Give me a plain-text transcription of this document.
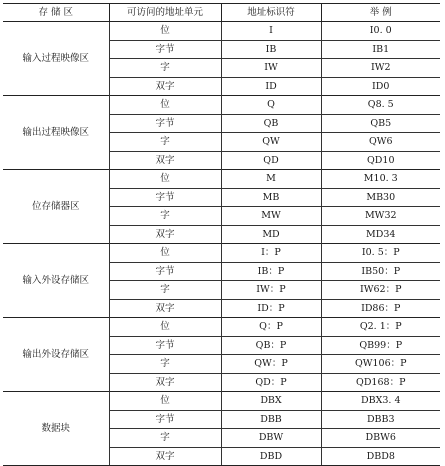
存 储 区	可访问的地址单元	地址标识符	举 例
输入过程映像区	位	I	I0. 0
	字节	IB	IB1
	字	IW	IW2
	双字	ID	ID0
输出过程映像区	位	Q	Q8. 5
	字节	QB	QB5
	字	QW	QW6
	双字	QD	QD10
位存储器区	位	M	M10. 3
	字节	MB	MB30
	字	MW	MW32
	双字	MD	MD34
输入外设存储区	位	I：P	I0. 5：P
	字节	IB：P	IB50：P
	字	IW：P	IW62：P
	双字	ID：P	ID86：P
输出外设存储区	位	Q：P	Q2. 1：P
	字节	QB：P	QB99：P
	字	QW：P	QW106：P
	双字	QD：P	QD168：P
数据块	位	DBX	DBX3. 4
	字节	DBB	DBB3
	字	DBW	DBW6
	双字	DBD	DBD8
